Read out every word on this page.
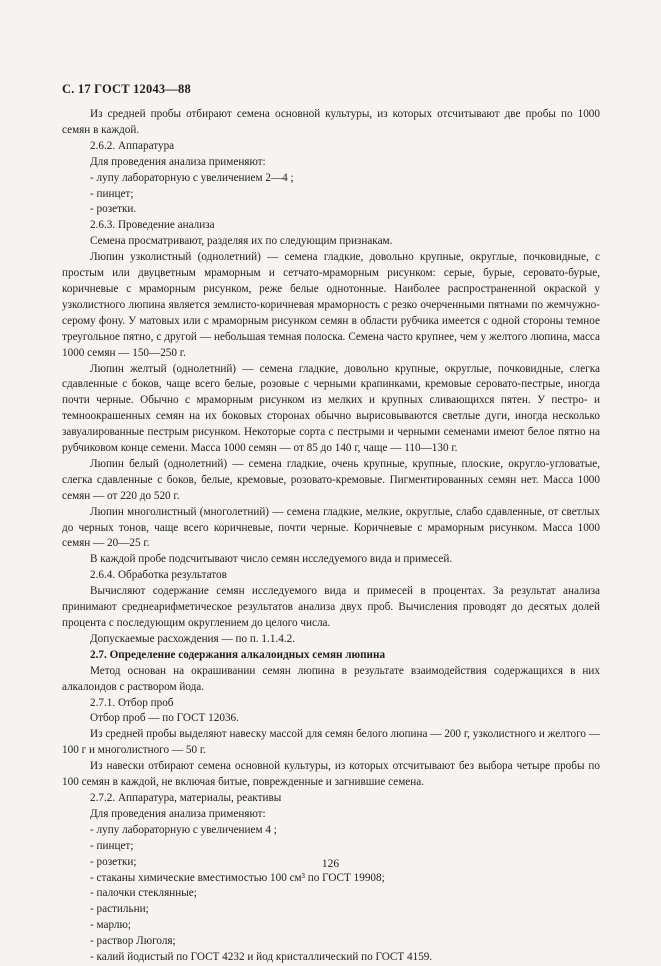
С. 17 ГОСТ 12043—88

Из средней пробы отбирают семена основной культуры, из которых отсчитывают две пробы по 1000 семян в каждой.

2.6.2. Аппаратура

Для проведения анализа применяют:

- лупу лабораторную с увеличением 2—4 ;

- пинцет;

- розетки.

2.6.3. Проведение анализа

Семена просматривают, разделяя их по следующим признакам.

Люпин узколистный (однолетний) — семена гладкие, довольно крупные, округлые, почковидные, с простым или двуцветным мраморным и сетчато-мраморным рисунком: серые, бурые, серовато-бурые, коричневые с мраморным рисунком, реже белые однотонные. Наиболее распространенной окраской у узколистного люпина является землисто-коричневая мраморность с резко очерченными пятнами по жемчужно-серому фону. У матовых или с мраморным рисунком семян в области рубчика имеется с одной стороны темное треугольное пятно, с другой — небольшая темная полоска. Семена часто крупнее, чем у желтого люпина, масса 1000 семян — 150—250 г.

Люпин желтый (однолетний) — семена гладкие, довольно крупные, округлые, почковидные, слегка сдавленные с боков, чаще всего белые, розовые с черными крапинками, кремовые серовато-пестрые, иногда почти черные. Обычно с мраморным рисунком из мелких и крупных сливающихся пятен. У пестро- и темноокрашенных семян на их боковых сторонах обычно вырисовываются светлые дуги, иногда несколько завуалированные пестрым рисунком. Некоторые сорта с пестрыми и черными семенами имеют белое пятно на рубчиковом конце семени. Масса 1000 семян — от 85 до 140 г, чаще — 110—130 г.

Люпин белый (однолетний) — семена гладкие, очень крупные, крупные, плоские, округло-угловатые, слегка сдавленные с боков, белые, кремовые, розовато-кремовые. Пигментированных семян нет. Масса 1000 семян — от 220 до 520 г.

Люпин многолистный (многолетний) — семена гладкие, мелкие, округлые, слабо сдавленные, от светлых до черных тонов, чаще всего коричневые, почти черные. Коричневые с мраморным рисунком. Масса 1000 семян — 20—25 г.

В каждой пробе подсчитывают число семян исследуемого вида и примесей.

2.6.4. Обработка результатов

Вычисляют содержание семян исследуемого вида и примесей в процентах. За результат анализа принимают среднеарифметическое результатов анализа двух проб. Вычисления проводят до десятых долей процента с последующим округлением до целого числа.

Допускаемые расхождения — по п. 1.1.4.2.

2.7. Определение содержания алкалоидных семян люпина

Метод основан на окрашивании семян люпина в результате взаимодействия содержащихся в них алкалоидов с раствором йода.

2.7.1. Отбор проб

Отбор проб — по ГОСТ 12036.

Из средней пробы выделяют навеску массой для семян белого люпина — 200 г, узколистного и желтого — 100 г и многолистного — 50 г.

Из навески отбирают семена основной культуры, из которых отсчитывают без выбора четыре пробы по 100 семян в каждой, не включая битые, поврежденные и загнившие семена.

2.7.2. Аппаратура, материалы, реактивы

Для проведения анализа применяют:

- лупу лабораторную с увеличением 4 ;

- пинцет;

- розетки;

- стаканы химические вместимостью 100 см³ по ГОСТ 19908;

- палочки стеклянные;

- растильни;

- марлю;

- раствор Люголя;

- калий йодистый по ГОСТ 4232 и йод кристаллический по ГОСТ 4159.

126
